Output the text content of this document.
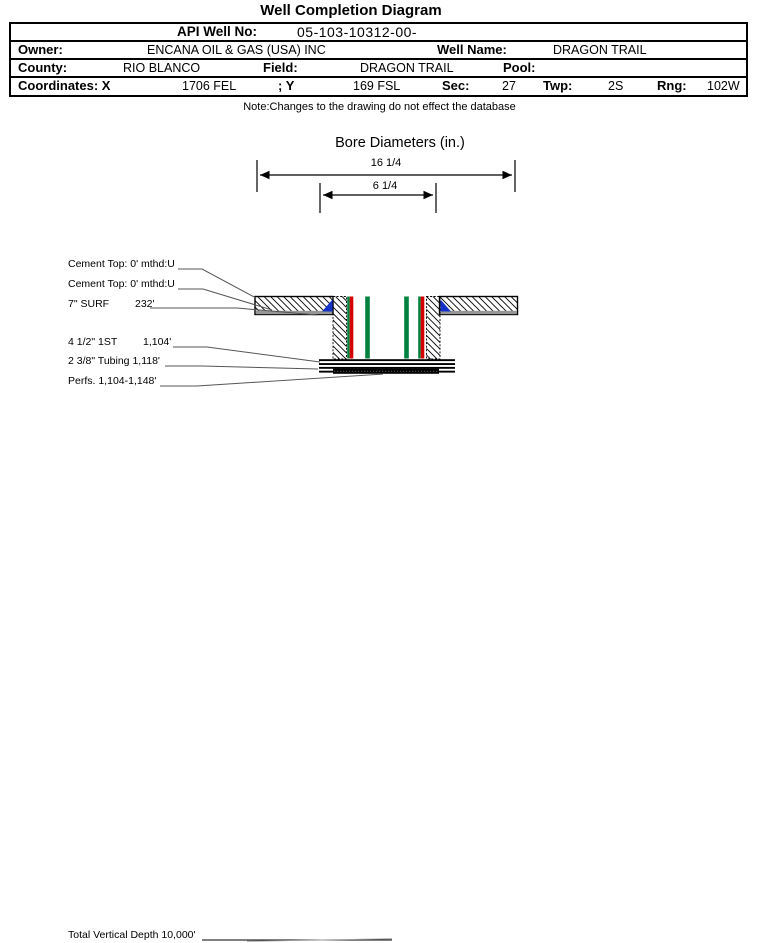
Well Completion Diagram
API Well No:	05-103-10312-00-
Owner:	ENCANA OIL & GAS (USA) INC	Well Name:	DRAGON TRAIL
County:	RIO BLANCO	Field:	DRAGON TRAIL	Pool:
Coordinates: X	1706 FEL	; Y	169 FSL	Sec:	27 Twp:	2S	Rng: 102W
Note:Changes to the drawing do not effect the database
Bore Diameters (in.)
16 1/4
6 1/4
Cement Top: 0' mthd:U
Cement Top: 0' mthd:U
7" SURF 232'
4 1/2" 1ST 1,104'
2 3/8" Tubing 1,118'
Perfs. 1,104-1,148'
Total Vertical Depth 10,000'
